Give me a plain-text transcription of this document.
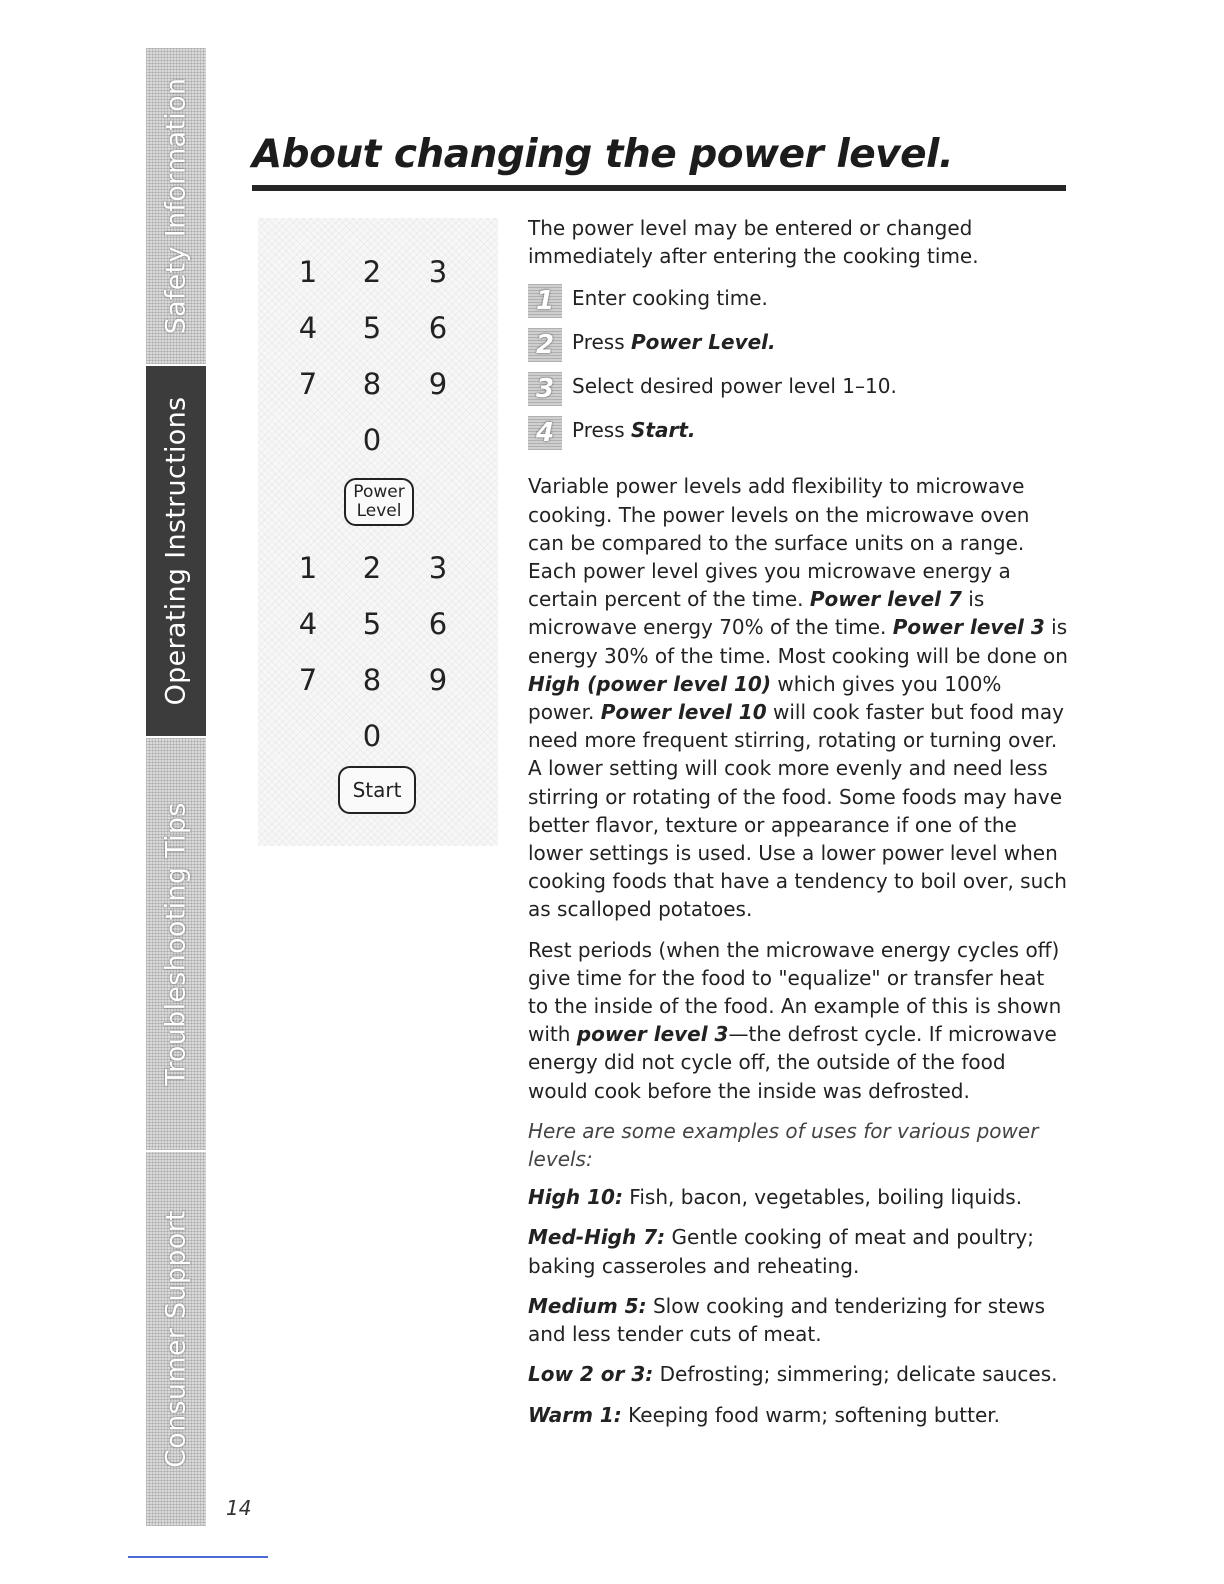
Safety Information
Operating Instructions
Troubleshooting Tips
Consumer Support
About changing the power level.
1	2	3
4	5	6
7	8	9
0
Power
Level
1	2	3
4	5	6
7	8	9
0
Start

The power level may be entered or changed immediately after entering the cooking time.

1 Enter cooking time.
2 Press Power Level.
3 Select desired power level 1–10.
4 Press Start.

Variable power levels add flexibility to microwave cooking. The power levels on the microwave oven can be compared to the surface units on a range. Each power level gives you microwave energy a certain percent of the time. Power level 7 is microwave energy 70% of the time. Power level 3 is energy 30% of the time. Most cooking will be done on High (power level 10) which gives you 100% power. Power level 10 will cook faster but food may need more frequent stirring, rotating or turning over. A lower setting will cook more evenly and need less stirring or rotating of the food. Some foods may have better flavor, texture or appearance if one of the lower settings is used. Use a lower power level when cooking foods that have a tendency to boil over, such as scalloped potatoes.

Rest periods (when the microwave energy cycles off) give time for the food to "equalize" or transfer heat to the inside of the food. An example of this is shown with power level 3—the defrost cycle. If microwave energy did not cycle off, the outside of the food would cook before the inside was defrosted.

Here are some examples of uses for various power levels:

High 10: Fish, bacon, vegetables, boiling liquids.

Med-High 7: Gentle cooking of meat and poultry; baking casseroles and reheating.

Medium 5: Slow cooking and tenderizing for stews and less tender cuts of meat.

Low 2 or 3: Defrosting; simmering; delicate sauces.

Warm 1: Keeping food warm; softening butter.

14
